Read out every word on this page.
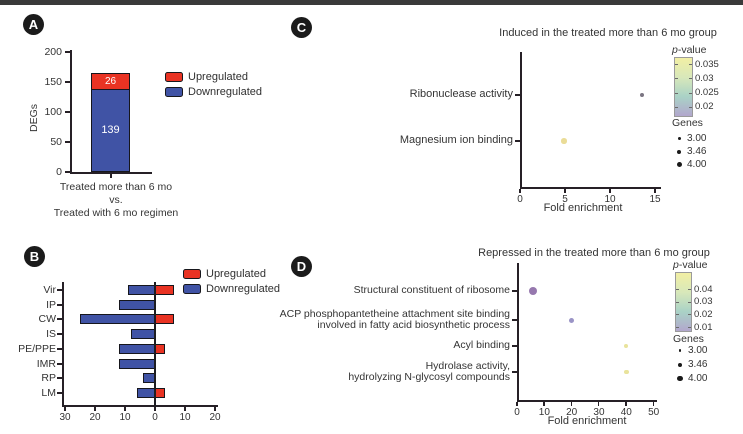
A
DEGs
0
50
100
150
200
26
139
Upregulated
Downregulated
Treated more than 6 mo
vs.
Treated with 6 mo regimen
B
30	20	10	0	10	20
Vir
IP
CW
IS
PE/PPE
IMR
RP
LM
Upregulated
Downregulated
C	Induced in the treated more than 6 mo group
0	5	10	15
Fold enrichment
Ribonuclease activity
Magnesium ion binding
p-value
0.035
0.03
0.025
0.02
Genes
3.00
3.46
4.00
D
Repressed in the treated more than 6 mo group
0	10	20	30	40	50
Fold enrichment
Structural constituent of ribosome
ACP phosphopantetheine attachment site binding
involved in fatty acid biosynthetic process
Acyl binding
Hydrolase activity,
hydrolyzing N-glycosyl compounds
p-value
0.04
0.03
0.02
0.01
Genes
3.00
3.46
4.00
